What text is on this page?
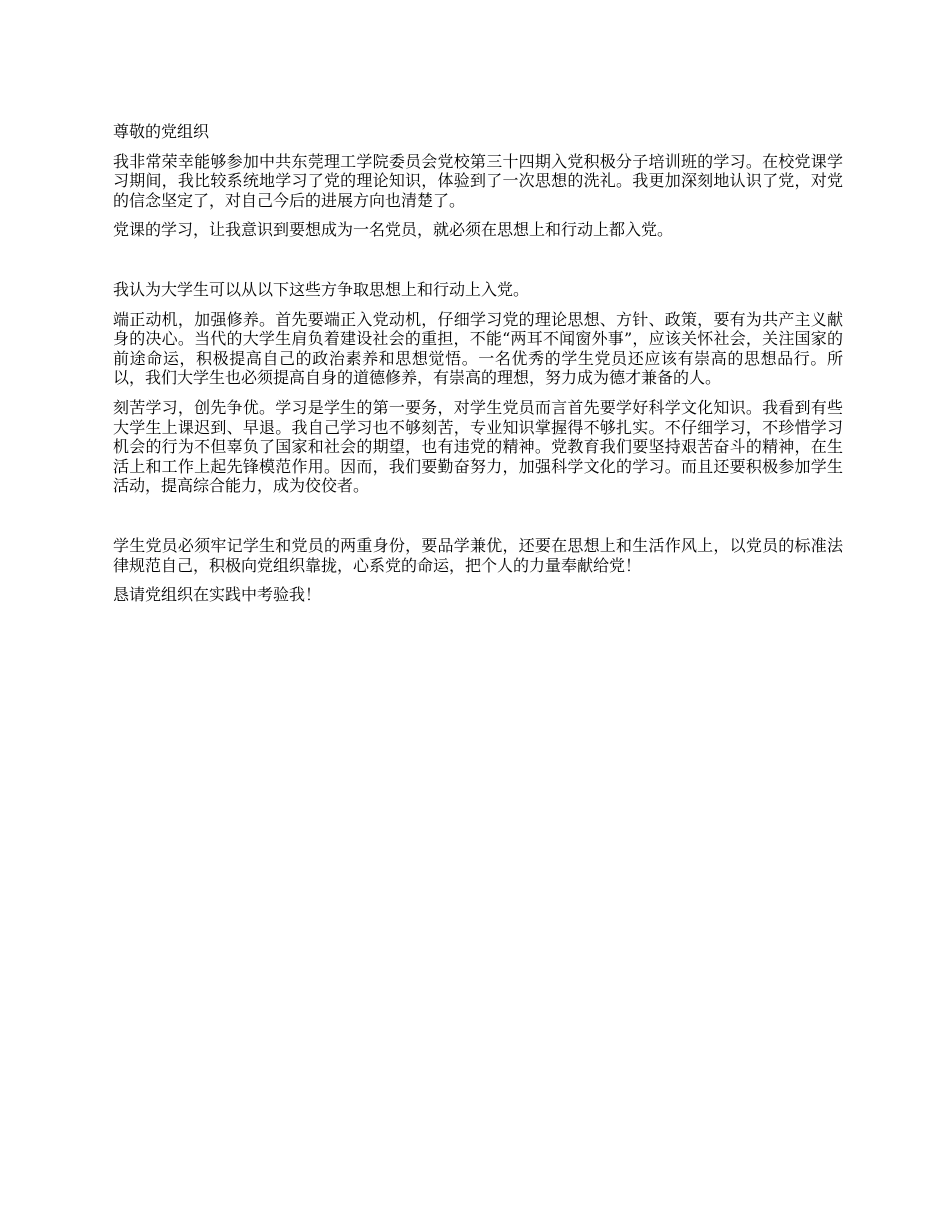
尊敬的党组织

我非常荣幸能够参加中共东莞理工学院委员会党校第三十四期入党积极分子培训班的学习。在校党课学习期间，我比较系统地学习了党的理论知识，体验到了一次思想的洗礼。我更加深刻地认识了党，对党的信念坚定了，对自己今后的进展方向也清楚了。

党课的学习，让我意识到要想成为一名党员，就必须在思想上和行动上都入党。

我认为大学生可以从以下这些方争取思想上和行动上入党。

端正动机，加强修养。首先要端正入党动机，仔细学习党的理论思想、方针、政策，要有为共产主义献身的决心。当代的大学生肩负着建设社会的重担，不能“两耳不闻窗外事”，应该关怀社会，关注国家的前途命运，积极提高自己的政治素养和思想觉悟。一名优秀的学生党员还应该有崇高的思想品行。所以，我们大学生也必须提高自身的道德修养，有崇高的理想，努力成为德才兼备的人。

刻苦学习，创先争优。学习是学生的第一要务，对学生党员而言首先要学好科学文化知识。我看到有些大学生上课迟到、早退。我自己学习也不够刻苦，专业知识掌握得不够扎实。不仔细学习，不珍惜学习机会的行为不但辜负了国家和社会的期望，也有违党的精神。党教育我们要坚持艰苦奋斗的精神，在生活上和工作上起先锋模范作用。因而，我们要勤奋努力，加强科学文化的学习。而且还要积极参加学生活动，提高综合能力，成为佼佼者。

学生党员必须牢记学生和党员的两重身份，要品学兼优，还要在思想上和生活作风上，以党员的标准法律规范自己，积极向党组织靠拢，心系党的命运，把个人的力量奉献给党！

恳请党组织在实践中考验我！
